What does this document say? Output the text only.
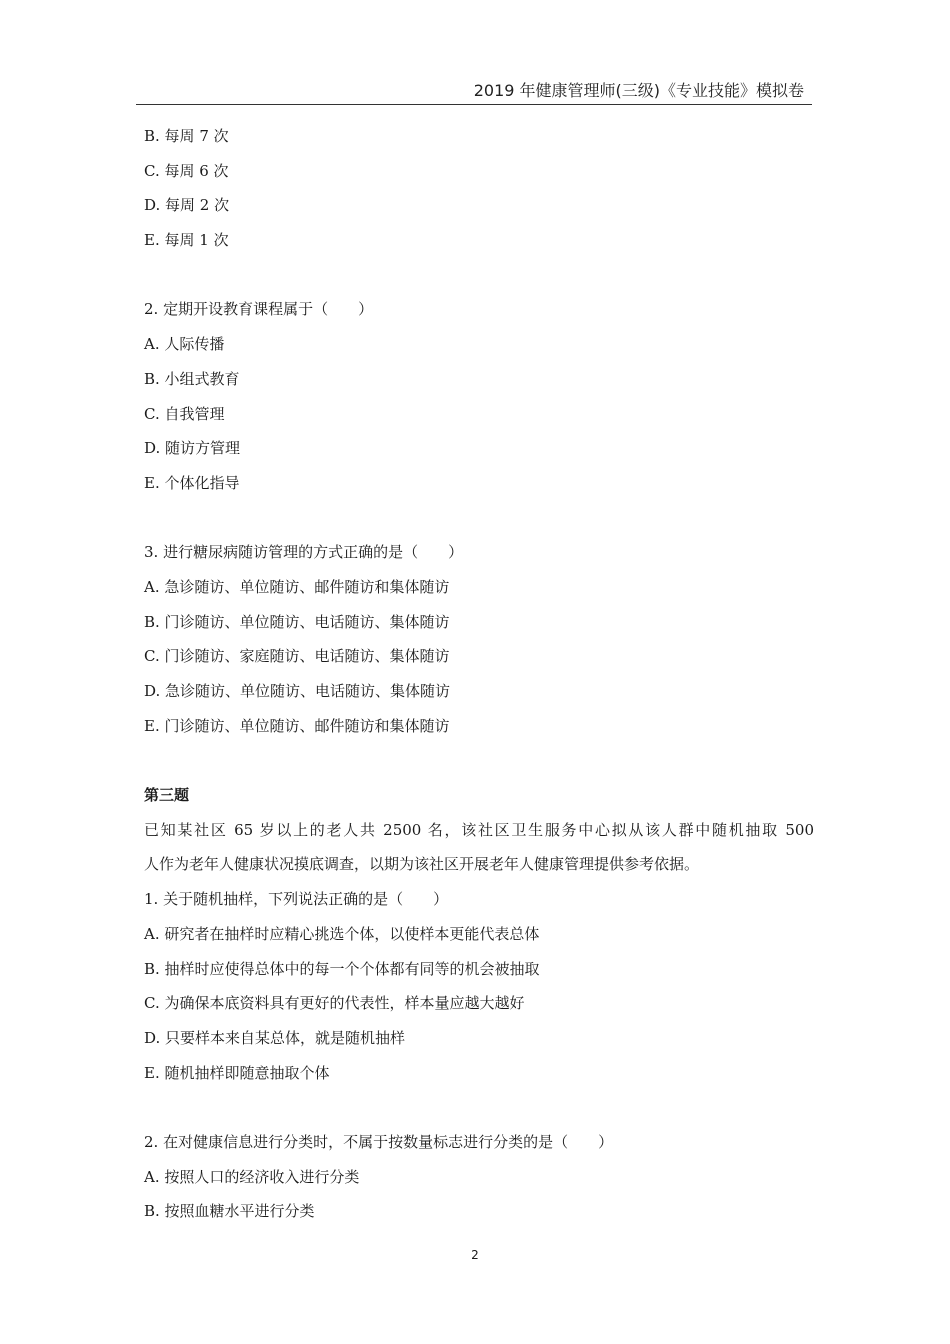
2019 年健康管理师(三级)《专业技能》模拟卷
B. 每周 7 次
C. 每周 6 次
D. 每周 2 次
E. 每周 1 次
2. 定期开设教育课程属于（　　）
A. 人际传播
B. 小组式教育
C. 自我管理
D. 随访方管理
E. 个体化指导
3. 进行糖尿病随访管理的方式正确的是（　　）
A. 急诊随访、单位随访、邮件随访和集体随访
B. 门诊随访、单位随访、电话随访、集体随访
C. 门诊随访、家庭随访、电话随访、集体随访
D. 急诊随访、单位随访、电话随访、集体随访
E. 门诊随访、单位随访、邮件随访和集体随访
第三题
已知某社区 65 岁以上的老人共 2500 名，该社区卫生服务中心拟从该人群中随机抽取 500
人作为老年人健康状况摸底调查，以期为该社区开展老年人健康管理提供参考依据。
1. 关于随机抽样，下列说法正确的是（　　）
A. 研究者在抽样时应精心挑选个体，以使样本更能代表总体
B. 抽样时应使得总体中的每一个个体都有同等的机会被抽取
C. 为确保本底资料具有更好的代表性，样本量应越大越好
D. 只要样本来自某总体，就是随机抽样
E. 随机抽样即随意抽取个体
2. 在对健康信息进行分类时，不属于按数量标志进行分类的是（　　）
A. 按照人口的经济收入进行分类
B. 按照血糖水平进行分类
2
